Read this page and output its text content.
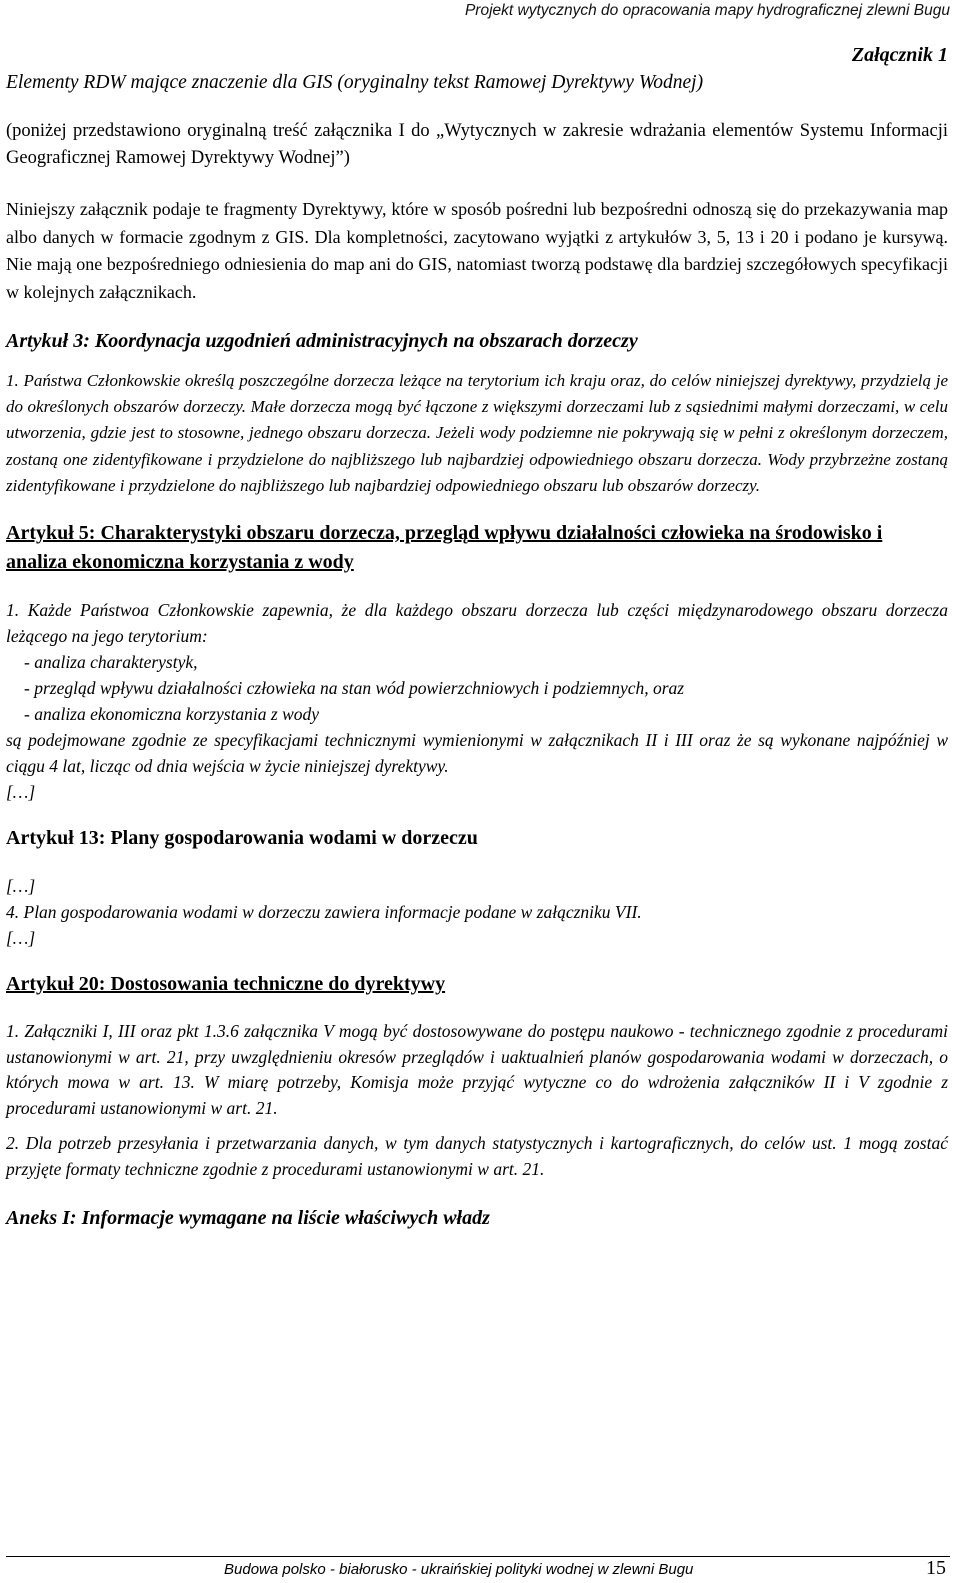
Projekt wytycznych do opracowania mapy hydrograficznej zlewni Bugu
Załącznik 1

Elementy RDW mające znaczenie dla GIS (oryginalny tekst Ramowej Dyrektywy Wodnej)

(poniżej przedstawiono oryginalną treść załącznika I do „Wytycznych w zakresie wdrażania elementów Systemu Informacji Geograficznej Ramowej Dyrektywy Wodnej”)

Niniejszy załącznik podaje te fragmenty Dyrektywy, które w sposób pośredni lub bezpośredni odnoszą się do przekazywania map albo danych w formacie zgodnym z GIS. Dla kompletności, zacytowano wyjątki z artykułów 3, 5, 13 i 20 i podano je kursywą. Nie mają one bezpośredniego odniesienia do map ani do GIS, natomiast tworzą podstawę dla bardziej szczegółowych specyfikacji w kolejnych załącznikach.

Artykuł 3: Koordynacja uzgodnień administracyjnych na obszarach dorzeczy

1. Państwa Członkowskie określą poszczególne dorzecza leżące na terytorium ich kraju oraz, do celów niniejszej dyrektywy, przydzielą je do określonych obszarów dorzeczy. Małe dorzecza mogą być łączone z większymi dorzeczami lub z sąsiednimi małymi dorzeczami, w celu utworzenia, gdzie jest to stosowne, jednego obszaru dorzecza. Jeżeli wody podziemne nie pokrywają się w pełni z określonym dorzeczem, zostaną one zidentyfikowane i przydzielone do najbliższego lub najbardziej odpowiedniego obszaru dorzecza. Wody przybrzeżne zostaną zidentyfikowane i przydzielone do najbliższego lub najbardziej odpowiedniego obszaru lub obszarów dorzeczy.

Artykuł 5: Charakterystyki obszaru dorzecza, przegląd wpływu działalności człowieka na środowisko i analiza ekonomiczna korzystania z wody

1. Każde Państwoa Członkowskie zapewnia, że dla każdego obszaru dorzecza lub części międzynarodowego obszaru dorzecza leżącego na jego terytorium:

- analiza charakterystyk,
- przegląd wpływu działalności człowieka na stan wód powierzchniowych i podziemnych, oraz
- analiza ekonomiczna korzystania z wody

są podejmowane zgodnie ze specyfikacjami technicznymi wymienionymi w załącznikach II i III oraz że są wykonane najpóźniej w ciągu 4 lat, licząc od dnia wejścia w życie niniejszej dyrektywy.

[…]

Artykuł 13: Plany gospodarowania wodami w dorzeczu

[…]

4. Plan gospodarowania wodami w dorzeczu zawiera informacje podane w załączniku VII.

[…]

Artykuł 20: Dostosowania techniczne do dyrektywy

1. Załączniki I, III oraz pkt 1.3.6 załącznika V mogą być dostosowywane do postępu naukowo - technicznego zgodnie z procedurami ustanowionymi w art. 21, przy uwzględnieniu okresów przeglądów i uaktualnień planów gospodarowania wodami w dorzeczach, o których mowa w art. 13. W miarę potrzeby, Komisja może przyjąć wytyczne co do wdrożenia załączników II i V zgodnie z procedurami ustanowionymi w art. 21.

2. Dla potrzeb przesyłania i przetwarzania danych, w tym danych statystycznych i kartograficznych, do celów ust. 1 mogą zostać przyjęte formaty techniczne zgodnie z procedurami ustanowionymi w art. 21.

Aneks I: Informacje wymagane na liście właściwych władz
Budowa polsko - białorusko - ukraińskiej polityki wodnej w zlewni Bugu	15
